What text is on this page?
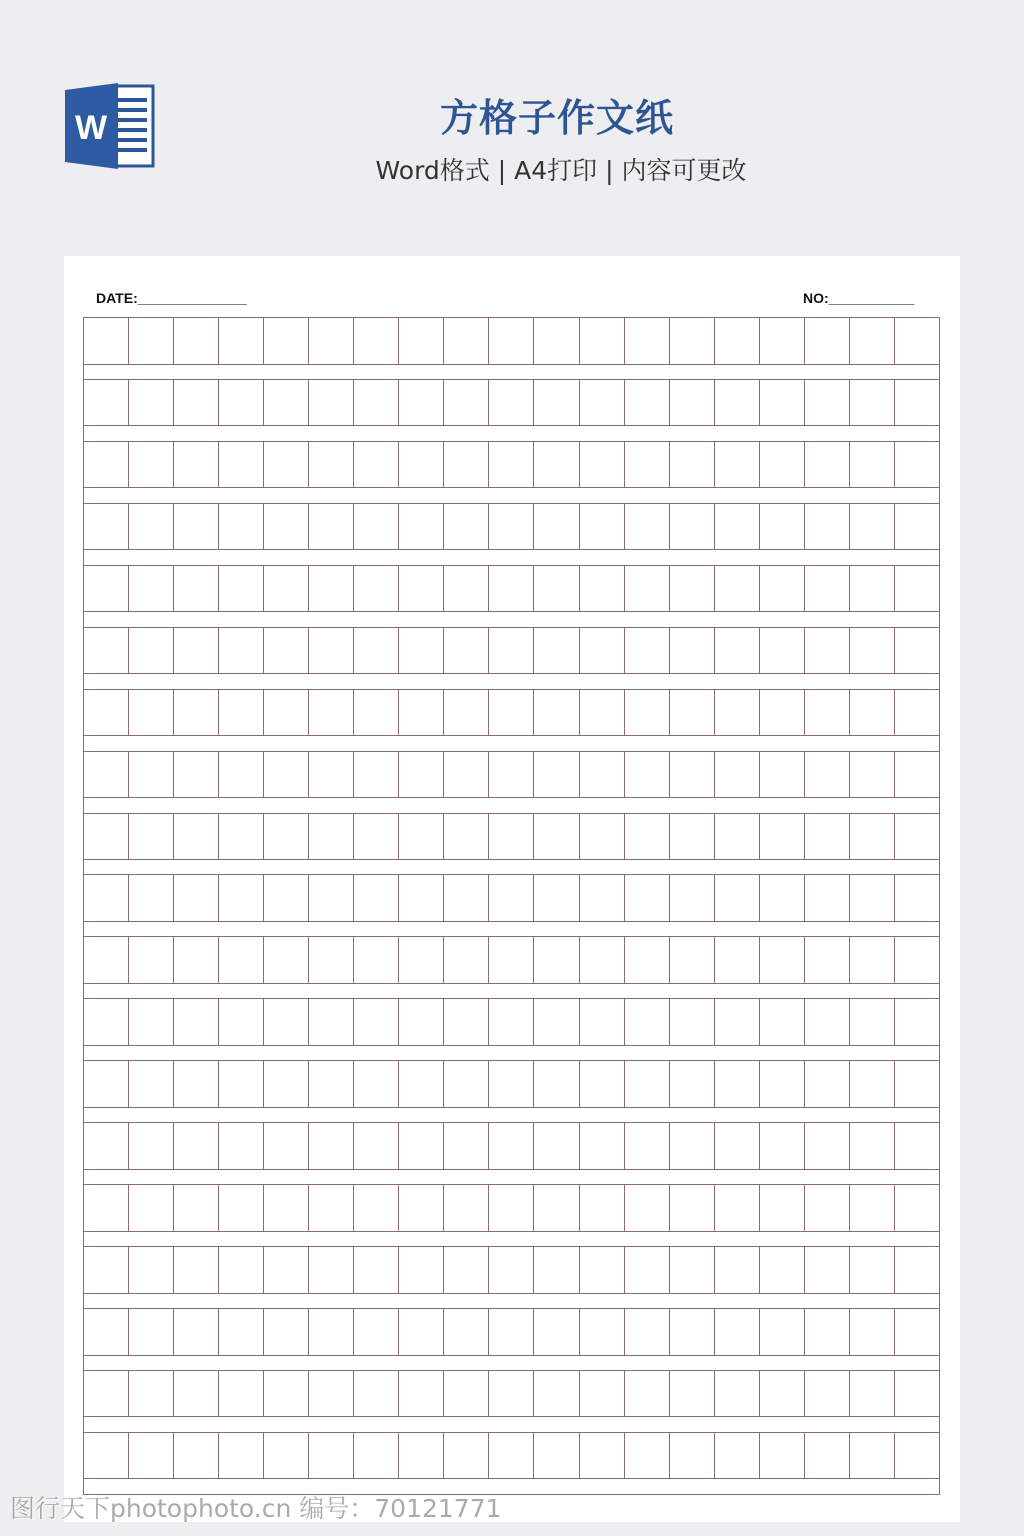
W	方格子作文纸
Word格式 | A4打印 | 内容可更改
DATE:______________	NO:___________
图行天下photophoto.cn 编号：70121771
